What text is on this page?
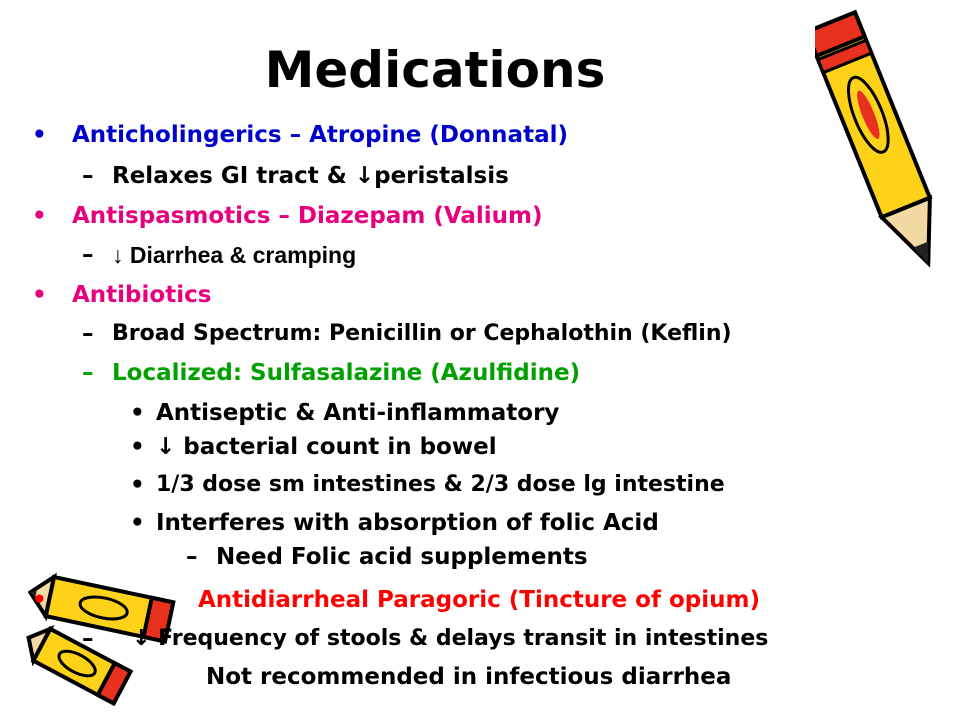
Medications
• Anticholingerics – Atropine (Donnatal)
– Relaxes GI tract & ↓peristalsis
• Antispasmotics – Diazepam (Valium)
– ↓ Diarrhea & cramping
• Antibiotics
– Broad Spectrum: Penicillin or Cephalothin (Keflin)
– Localized: Sulfasalazine (Azulfidine)
• Antiseptic & Anti-inflammatory
• ↓ bacterial count in bowel
• 1/3 dose sm intestines & 2/3 dose lg intestine
• Interferes with absorption of folic Acid
– Need Folic acid supplements
•	Antidiarrheal Paragoric (Tincture of opium)
– ↓ Frequency of stools & delays transit in intestines
Not recommended in infectious diarrhea
